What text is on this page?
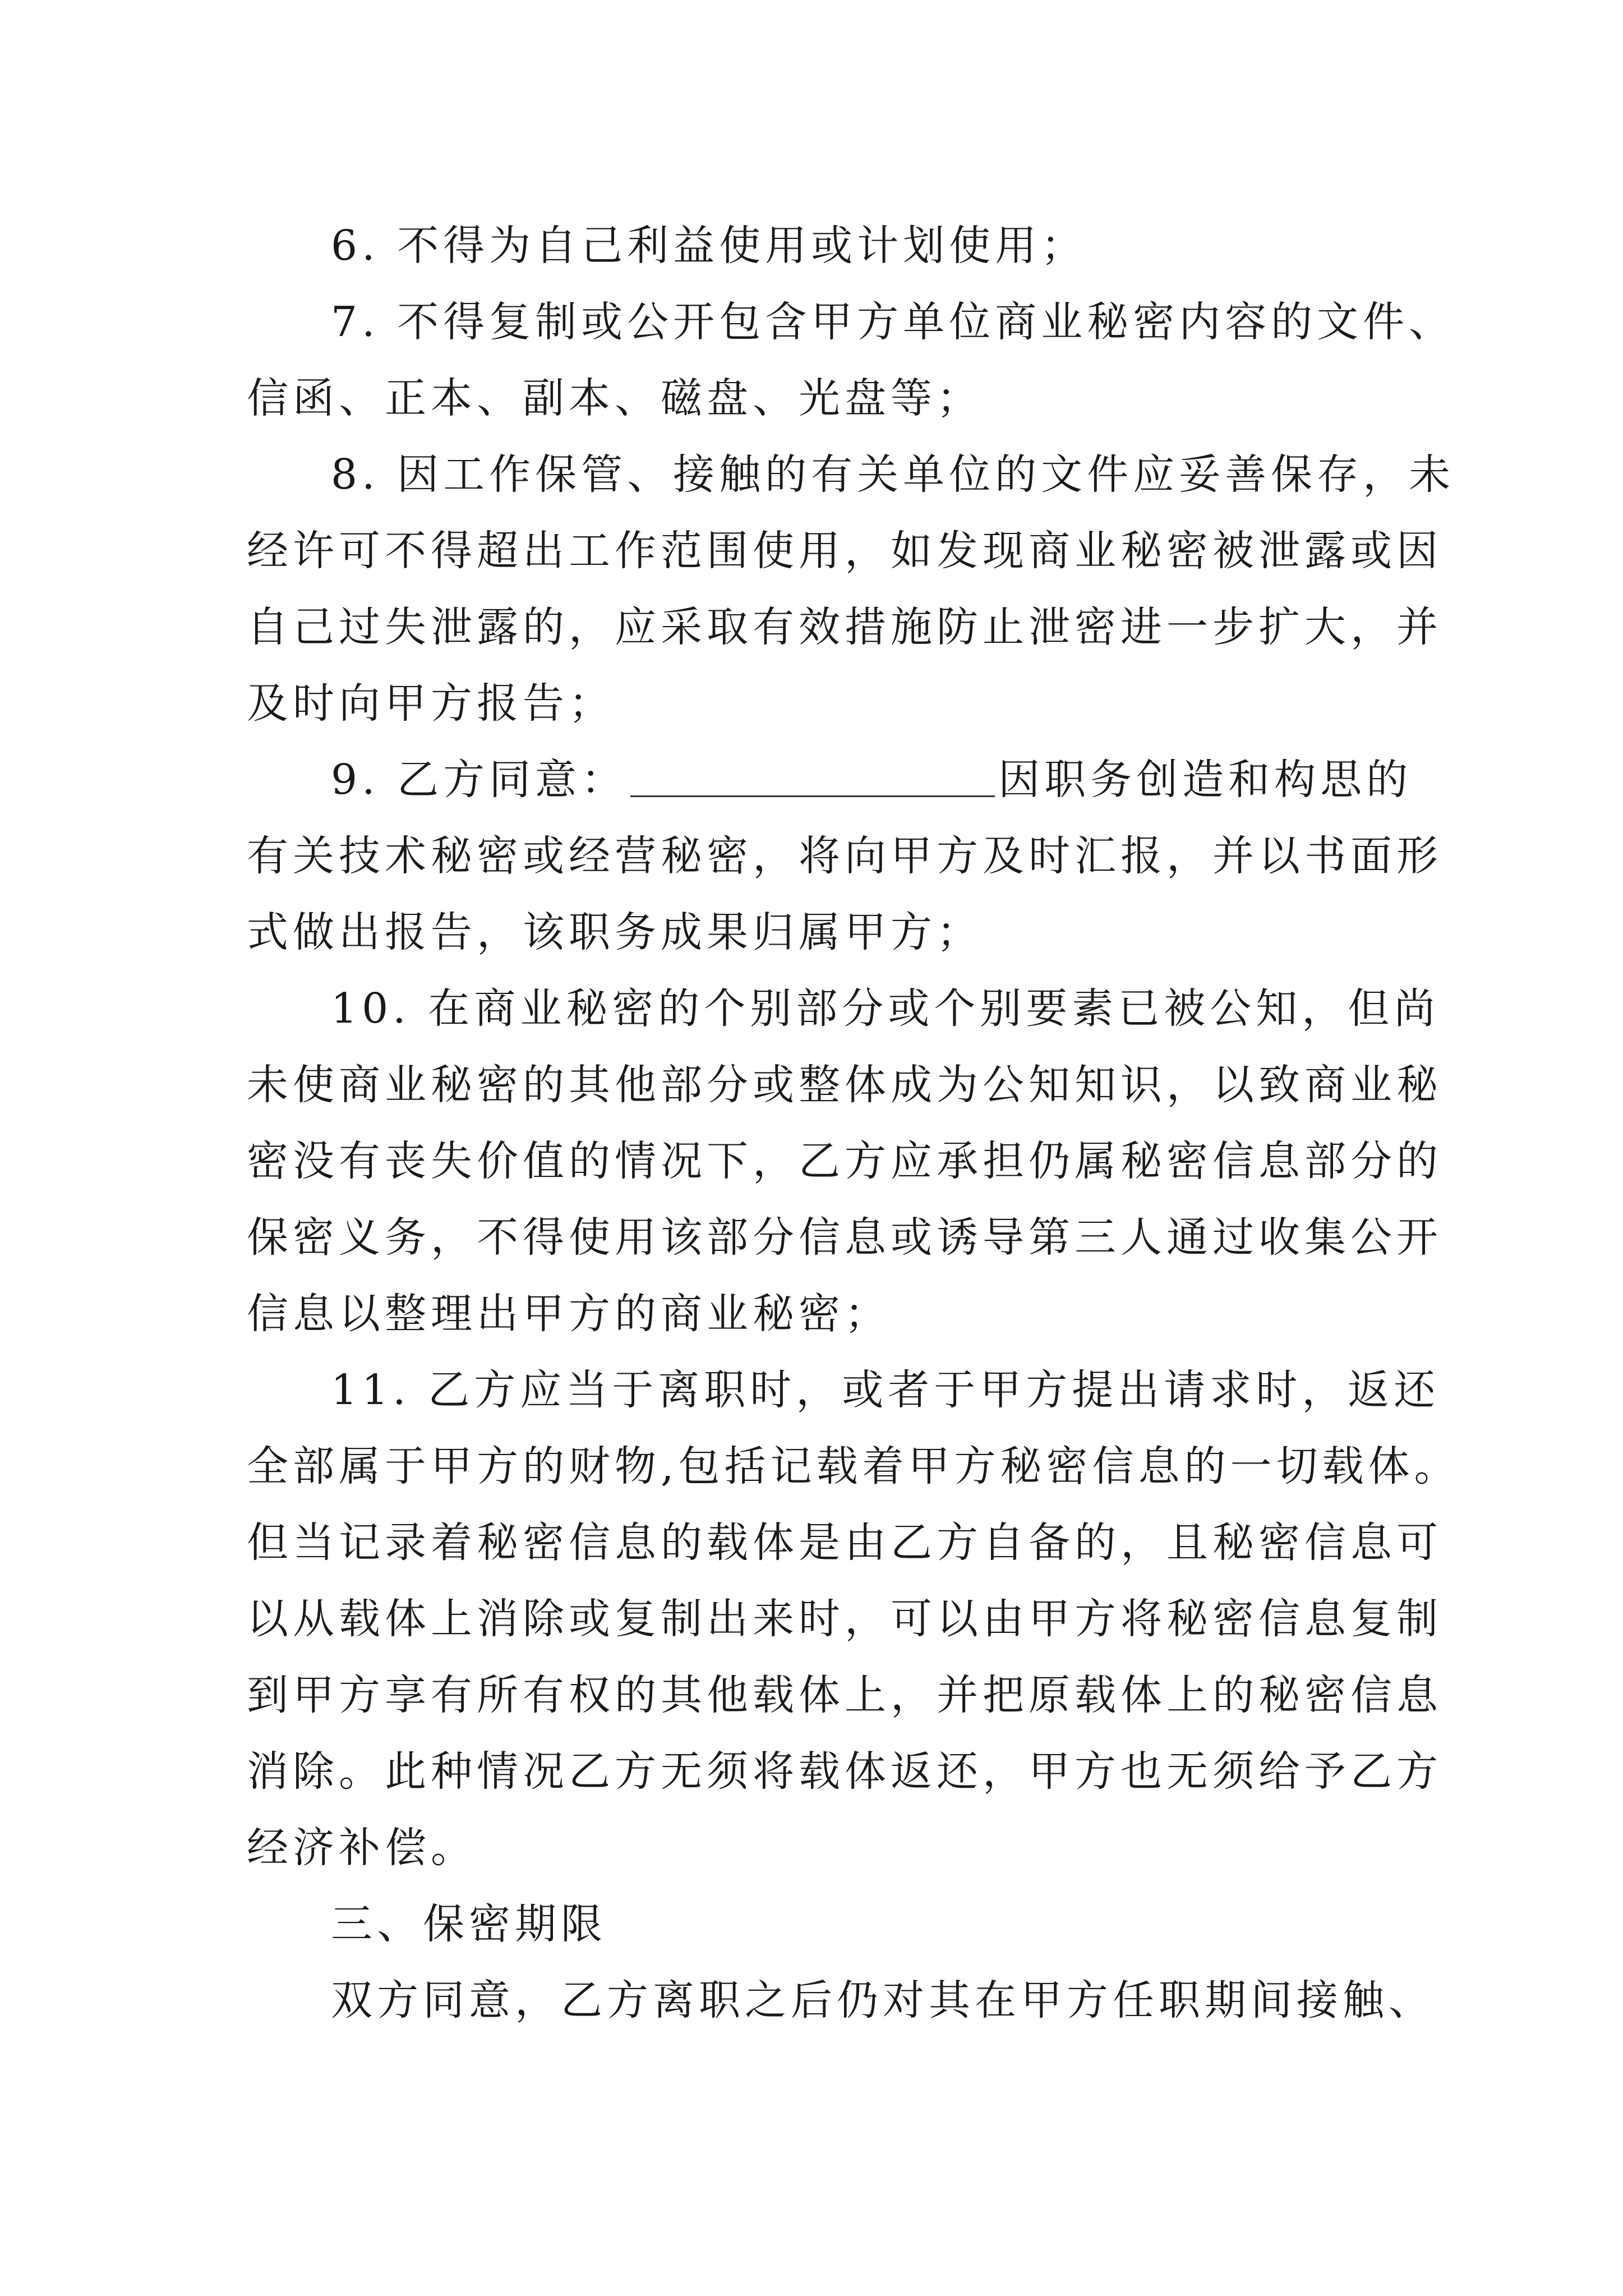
6. 不得为自己利益使用或计划使用；
7. 不得复制或公开包含甲方单位商业秘密内容的文件、
信函、正本、副本、磁盘、光盘等；
8. 因工作保管、接触的有关单位的文件应妥善保存，未
经许可不得超出工作范围使用，如发现商业秘密被泄露或因
自己过失泄露的，应采取有效措施防止泄密进一步扩大，并
及时向甲方报告；
9. 乙方同意：	因职务创造和构思的
有关技术秘密或经营秘密，将向甲方及时汇报，并以书面形
式做出报告，该职务成果归属甲方；
10. 在商业秘密的个别部分或个别要素已被公知，但尚
未使商业秘密的其他部分或整体成为公知知识，以致商业秘
密没有丧失价值的情况下，乙方应承担仍属秘密信息部分的
保密义务，不得使用该部分信息或诱导第三人通过收集公开
信息以整理出甲方的商业秘密；
11. 乙方应当于离职时，或者于甲方提出请求时，返还
全部属于甲方的财物,包括记载着甲方秘密信息的一切载体。
但当记录着秘密信息的载体是由乙方自备的，且秘密信息可
以从载体上消除或复制出来时，可以由甲方将秘密信息复制
到甲方享有所有权的其他载体上，并把原载体上的秘密信息
消除。此种情况乙方无须将载体返还，甲方也无须给予乙方
经济补偿。
三、保密期限
双方同意，乙方离职之后仍对其在甲方任职期间接触、
